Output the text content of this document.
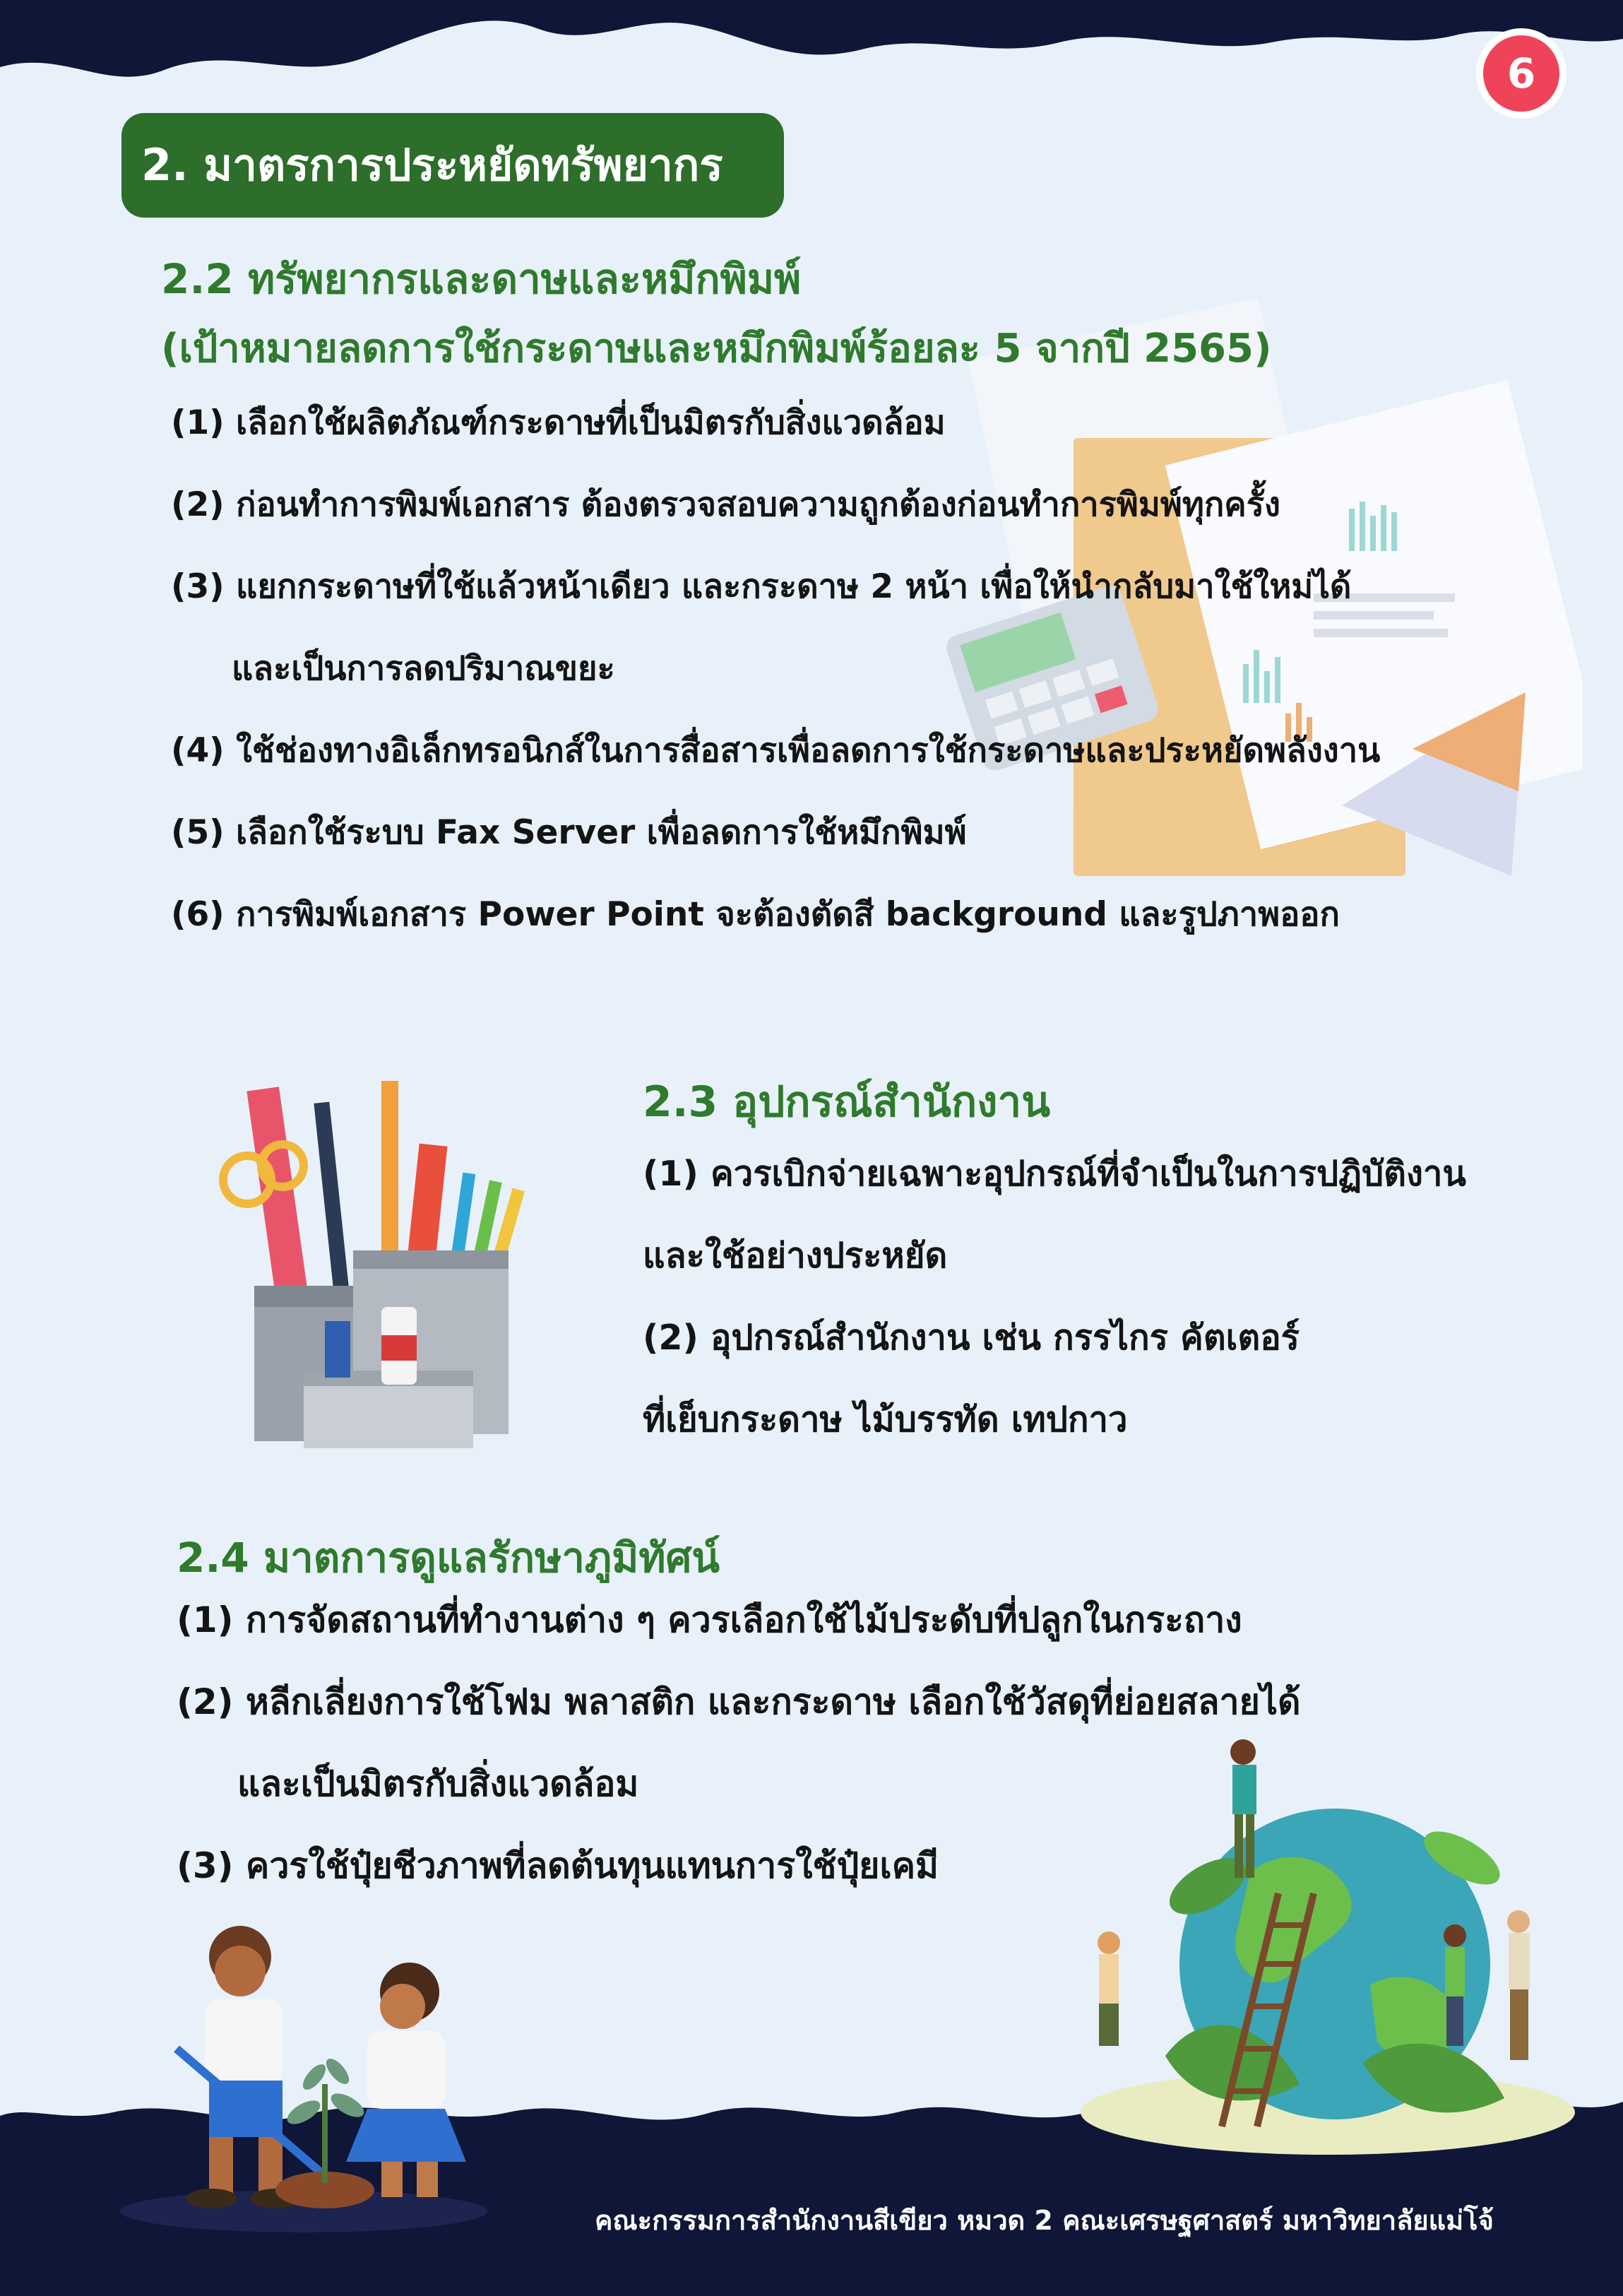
6
2. มาตรการประหยัดทรัพยากร
2.2 ทรัพยากรและดาษและหมึกพิมพ์
(เป้าหมายลดการใช้กระดาษและหมึกพิมพ์ร้อยละ 5 จากปี 2565)
(1) เลือกใช้ผลิตภัณฑ์กระดาษที่เป็นมิตรกับสิ่งแวดล้อม
(2) ก่อนทำการพิมพ์เอกสาร ต้องตรวจสอบความถูกต้องก่อนทำการพิมพ์ทุกครั้ง
(3) แยกกระดาษที่ใช้แล้วหน้าเดียว และกระดาษ 2 หน้า เพื่อให้นำกลับมาใช้ใหม่ได้
และเป็นการลดปริมาณขยะ
(4) ใช้ช่องทางอิเล็กทรอนิกส์ในการสื่อสารเพื่อลดการใช้กระดาษและประหยัดพลังงาน
(5) เลือกใช้ระบบ Fax Server เพื่อลดการใช้หมึกพิมพ์
(6) การพิมพ์เอกสาร Power Point จะต้องตัดสี background และรูปภาพออก
2.3 อุปกรณ์สำนักงาน
(1) ควรเบิกจ่ายเฉพาะอุปกรณ์ที่จำเป็นในการปฏิบัติงาน
และใช้อย่างประหยัด
(2) อุปกรณ์สำนักงาน เช่น กรรไกร คัตเตอร์
ที่เย็บกระดาษ ไม้บรรทัด เทปกาว
2.4 มาตการดูแลรักษาภูมิทัศน์
(1) การจัดสถานที่ทำงานต่าง ๆ ควรเลือกใช้ไม้ประดับที่ปลูกในกระถาง
(2) หลีกเลี่ยงการใช้โฟม พลาสติก และกระดาษ เลือกใช้วัสดุที่ย่อยสลายได้
และเป็นมิตรกับสิ่งแวดล้อม
(3) ควรใช้ปุ๋ยชีวภาพที่ลดต้นทุนแทนการใช้ปุ๋ยเคมี
คณะกรรมการสำนักงานสีเขียว หมวด 2 คณะเศรษฐศาสตร์ มหาวิทยาลัยแม่โจ้
